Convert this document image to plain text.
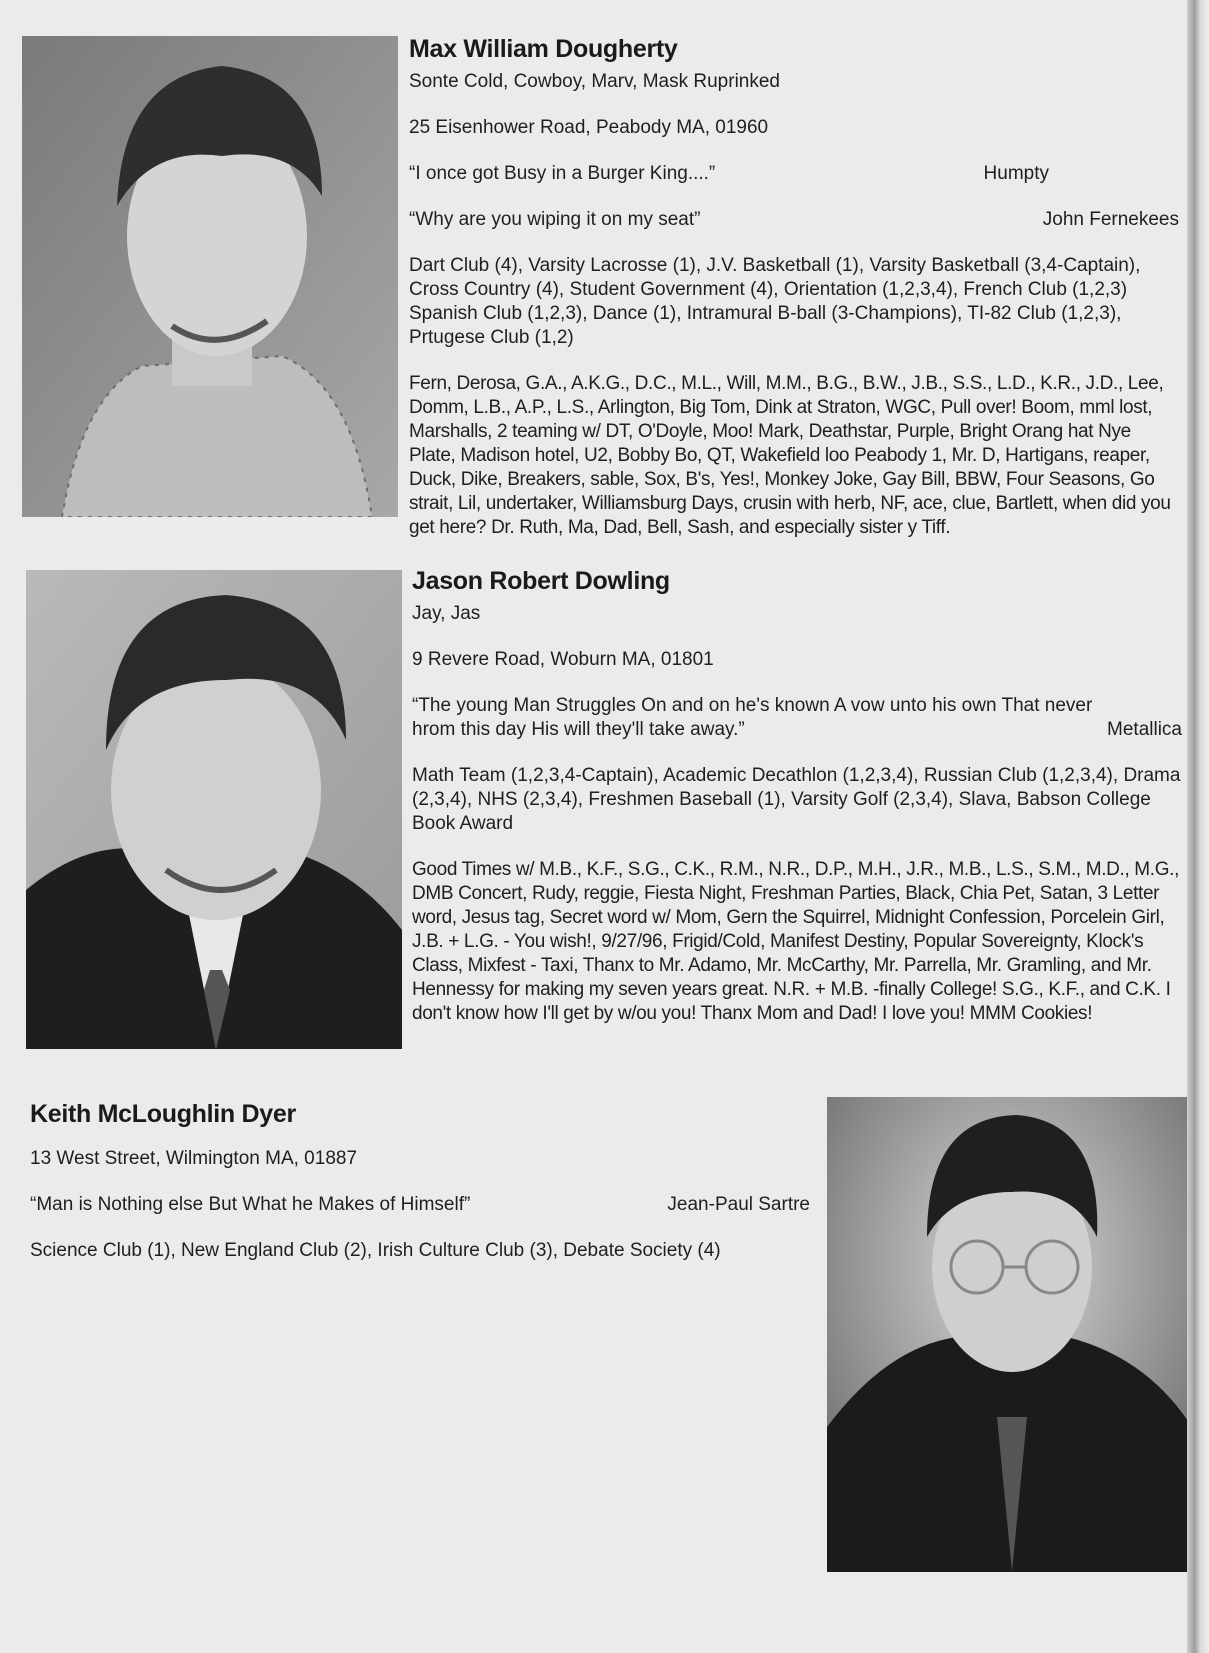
Max William Dougherty

Sonte Cold, Cowboy, Marv, Mask Ruprinked

25 Eisenhower Road, Peabody MA, 01960

“I once got Busy in a Burger King....”	Humpty
“Why are you wiping it on my seat”	John Fernekees

Dart Club (4), Varsity Lacrosse (1), J.V. Basketball (1), Varsity Basketball (3,4-Captain), Cross Country (4), Student Government (4), Orientation (1,2,3,4), French Club (1,2,3) Spanish Club (1,2,3), Dance (1), Intramural B-ball (3-Champions), TI-82 Club (1,2,3), Prtugese Club (1,2)

Fern, Derosa, G.A., A.K.G., D.C., M.L., Will, M.M., B.G., B.W., J.B., S.S., L.D., K.R., J.D., Lee, Domm, L.B., A.P., L.S., Arlington, Big Tom, Dink at Straton, WGC, Pull over! Boom, mml lost, Marshalls, 2 teaming w/ DT, O'Doyle, Moo! Mark, Deathstar, Purple, Bright Orang hat Nye Plate, Madison hotel, U2, Bobby Bo, QT, Wakefield loo Peabody 1, Mr. D, Hartigans, reaper, Duck, Dike, Breakers, sable, Sox, B's, Yes!, Monkey Joke, Gay Bill, BBW, Four Seasons, Go strait, Lil, undertaker, Williamsburg Days, crusin with herb, NF, ace, clue, Bartlett, when did you get here? Dr. Ruth, Ma, Dad, Bell, Sash, and especially sister y Tiff.

Jason Robert Dowling

Jay, Jas

9 Revere Road, Woburn MA, 01801

“The young Man Struggles On and on he's known A vow unto his own That never

hrom this day His will they'll take away.”	Metallica

Math Team (1,2,3,4-Captain), Academic Decathlon (1,2,3,4), Russian Club (1,2,3,4), Drama (2,3,4), NHS (2,3,4), Freshmen Baseball (1), Varsity Golf (2,3,4), Slava, Babson College Book Award

Good Times w/ M.B., K.F., S.G., C.K., R.M., N.R., D.P., M.H., J.R., M.B., L.S., S.M., M.D., M.G., DMB Concert, Rudy, reggie, Fiesta Night, Freshman Parties, Black, Chia Pet, Satan, 3 Letter word, Jesus tag, Secret word w/ Mom, Gern the Squirrel, Midnight Confession, Porcelein Girl, J.B. + L.G. - You wish!, 9/27/96, Frigid/Cold, Manifest Destiny, Popular Sovereignty, Klock's Class, Mixfest - Taxi, Thanx to Mr. Adamo, Mr. McCarthy, Mr. Parrella, Mr. Gramling, and Mr. Hennessy for making my seven years great. N.R. + M.B. -finally College! S.G., K.F., and C.K. I don't know how I'll get by w/ou you! Thanx Mom and Dad! I love you! MMM Cookies!

Keith McLoughlin Dyer

13 West Street, Wilmington MA, 01887

“Man is Nothing else But What he Makes of Himself”	Jean-Paul Sartre

Science Club (1), New England Club (2), Irish Culture Club (3), Debate Society (4)
